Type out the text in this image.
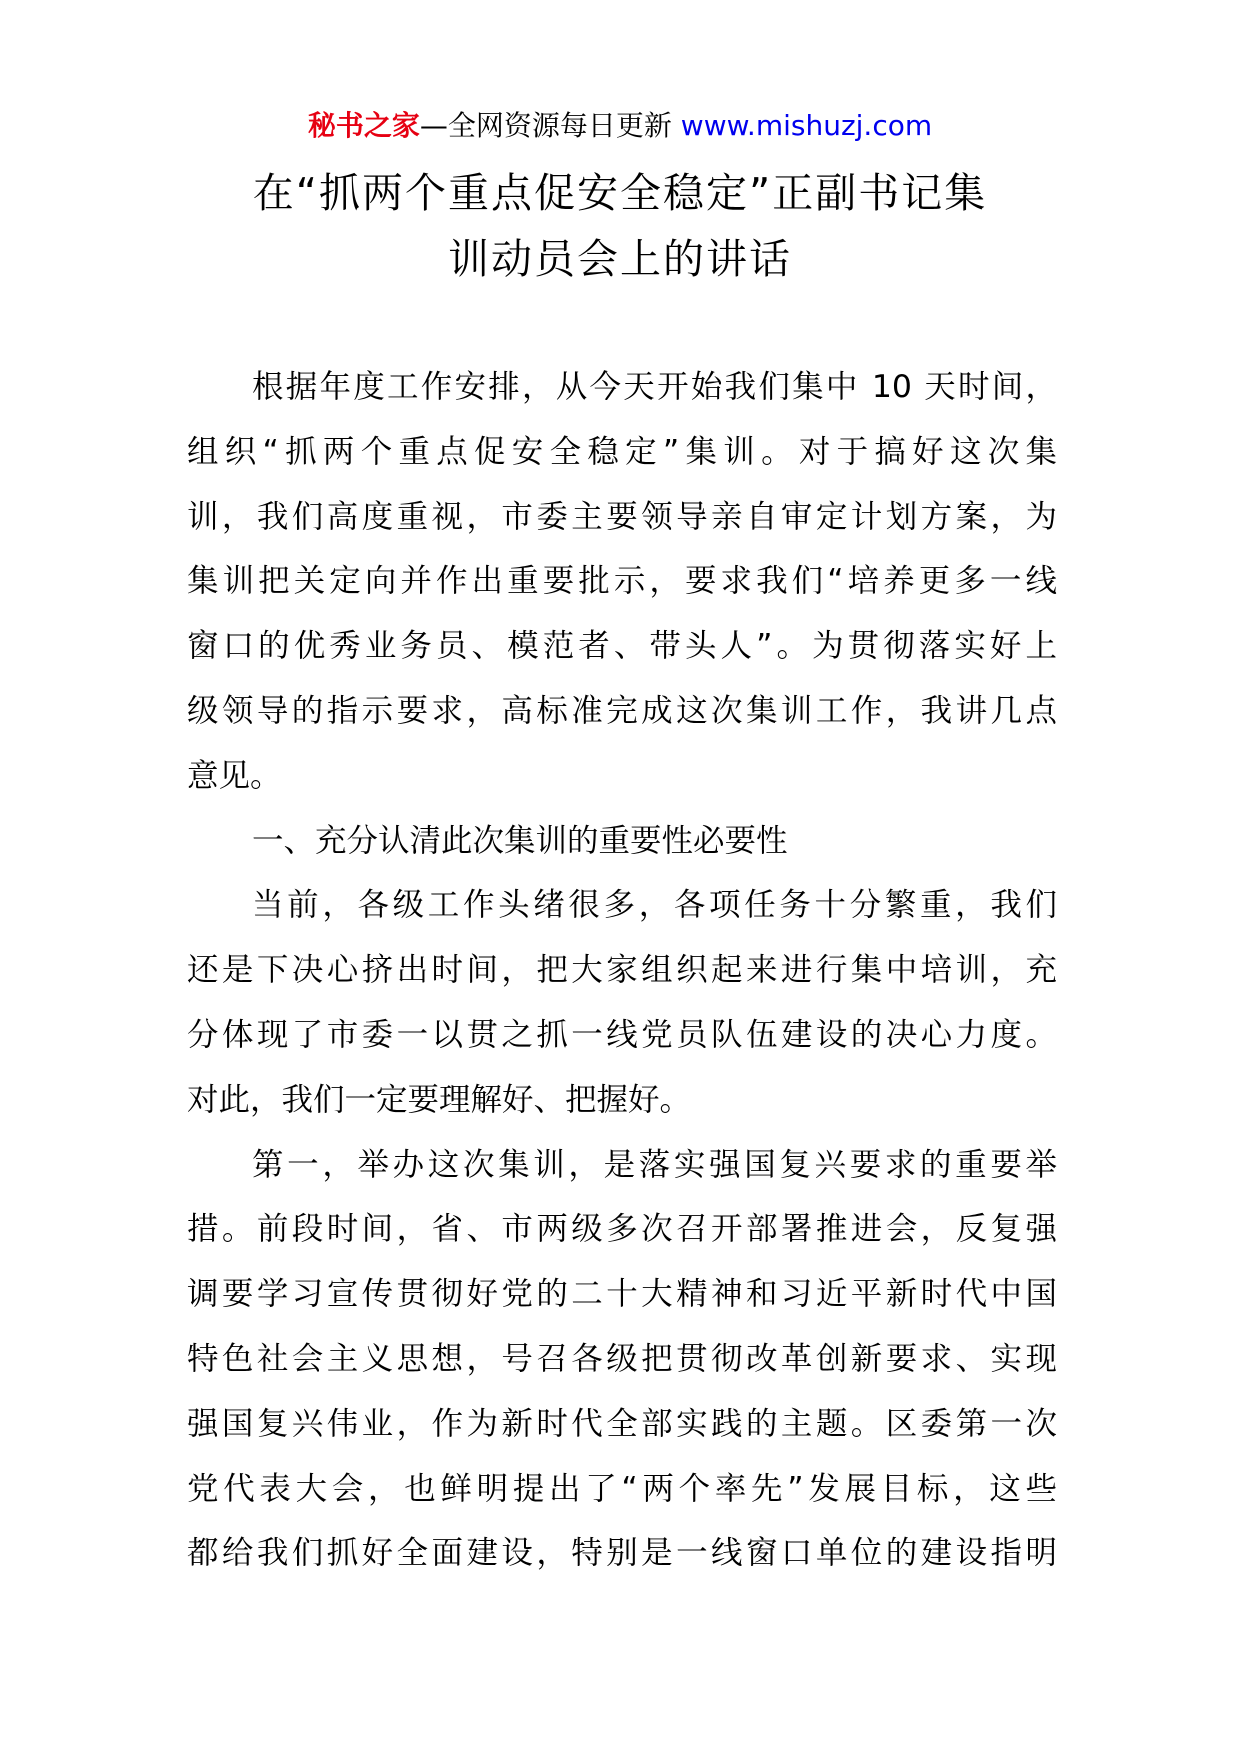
秘书之家—全网资源每日更新 www.mishuzj.com
在“抓两个重点促安全稳定”正副书记集
训动员会上的讲话
根据年度工作安排，从今天开始我们集中 10 天时间，
组织“抓两个重点促安全稳定”集训。对于搞好这次集
训，我们高度重视，市委主要领导亲自审定计划方案，为
集训把关定向并作出重要批示，要求我们“培养更多一线
窗口的优秀业务员、模范者、带头人”。为贯彻落实好上
级领导的指示要求，高标准完成这次集训工作，我讲几点
意见。
一、充分认清此次集训的重要性必要性
当前，各级工作头绪很多，各项任务十分繁重，我们
还是下决心挤出时间，把大家组织起来进行集中培训，充
分体现了市委一以贯之抓一线党员队伍建设的决心力度。
对此，我们一定要理解好、把握好。
第一，举办这次集训，是落实强国复兴要求的重要举
措。前段时间，省、市两级多次召开部署推进会，反复强
调要学习宣传贯彻好党的二十大精神和习近平新时代中国
特色社会主义思想，号召各级把贯彻改革创新要求、实现
强国复兴伟业，作为新时代全部实践的主题。区委第一次
党代表大会，也鲜明提出了“两个率先”发展目标，这些
都给我们抓好全面建设，特别是一线窗口单位的建设指明
